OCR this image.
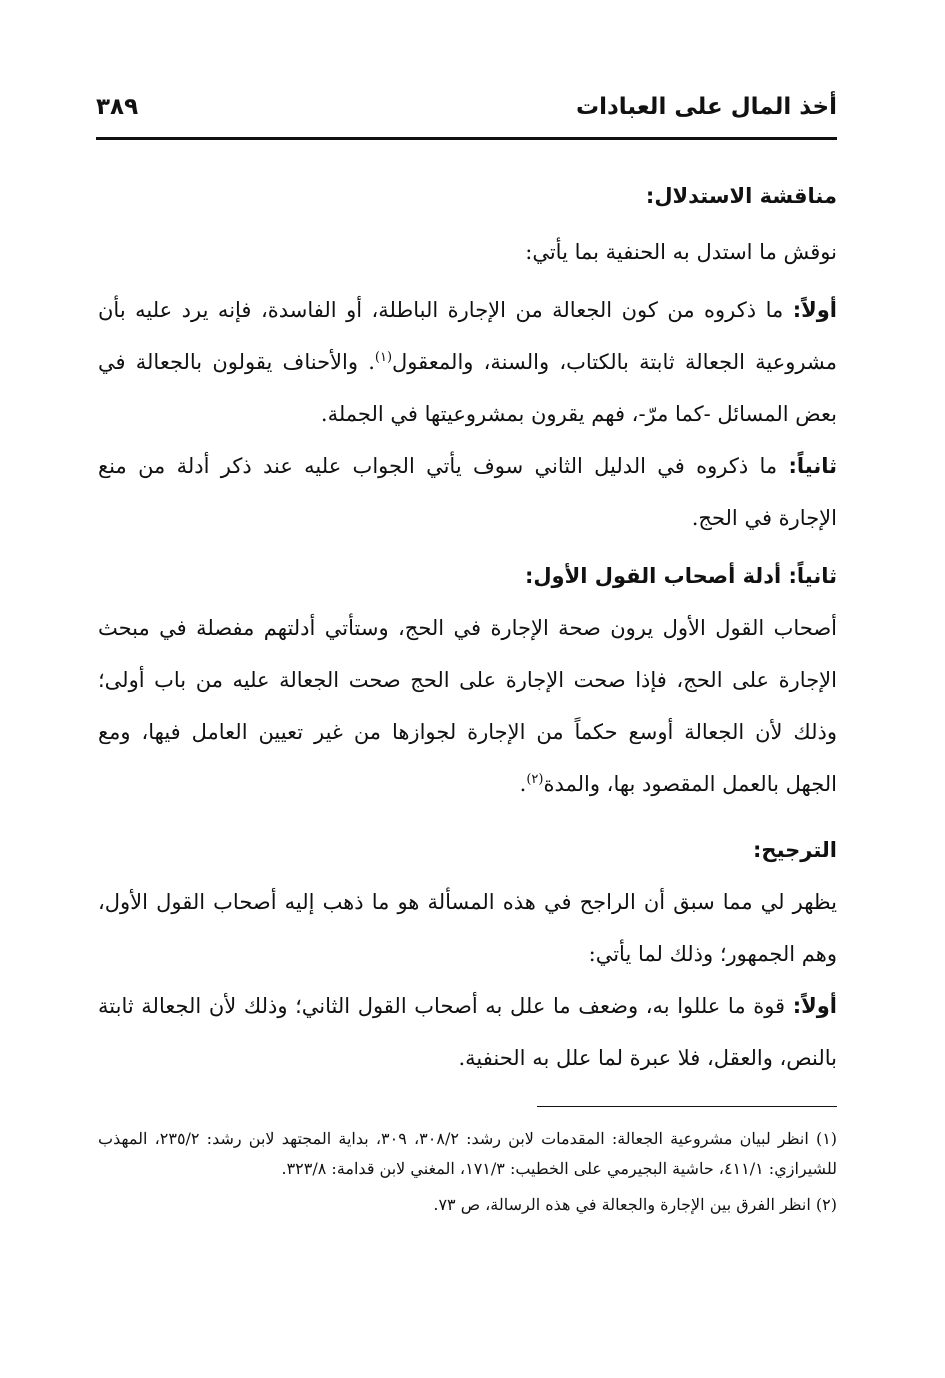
أخذ المال على العبادات
٣٨٩

مناقشة الاستدلال:

نوقش ما استدل به الحنفية بما يأتي:

أولاً: ما ذكروه من كون الجعالة من الإجارة الباطلة، أو الفاسدة، فإنه يرد عليه بأن مشروعية الجعالة ثابتة بالكتاب، والسنة، والمعقول$^{(١)}$. والأحناف يقولون بالجعالة في بعض المسائل -كما مرّ-، فهم يقرون بمشروعيتها في الجملة.

ثانياً: ما ذكروه في الدليل الثاني سوف يأتي الجواب عليه عند ذكر أدلة من منع الإجارة في الحج.

ثانياً: أدلة أصحاب القول الأول:

أصحاب القول الأول يرون صحة الإجارة في الحج، وستأتي أدلتهم مفصلة في مبحث الإجارة على الحج، فإذا صحت الإجارة على الحج صحت الجعالة عليه من باب أولى؛ وذلك لأن الجعالة أوسع حكماً من الإجارة لجوازها من غير تعيين العامل فيها، ومع الجهل بالعمل المقصود بها، والمدة$^{(٢)}$.

الترجيح:

يظهر لي مما سبق أن الراجح في هذه المسألة هو ما ذهب إليه أصحاب القول الأول، وهم الجمهور؛ وذلك لما يأتي:

أولاً: قوة ما عللوا به، وضعف ما علل به أصحاب القول الثاني؛ وذلك لأن الجعالة ثابتة بالنص، والعقل، فلا عبرة لما علل به الحنفية.

(١) انظر لبيان مشروعية الجعالة: المقدمات لابن رشد: ٣٠٨/٢، ٣٠٩، بداية المجتهد لابن رشد: ٢٣٥/٢، المهذب للشيرازي: ٤١١/١، حاشية البجيرمي على الخطيب: ١٧١/٣، المغني لابن قدامة: ٣٢٣/٨.

(٢) انظر الفرق بين الإجارة والجعالة في هذه الرسالة، ص ٧٣.
